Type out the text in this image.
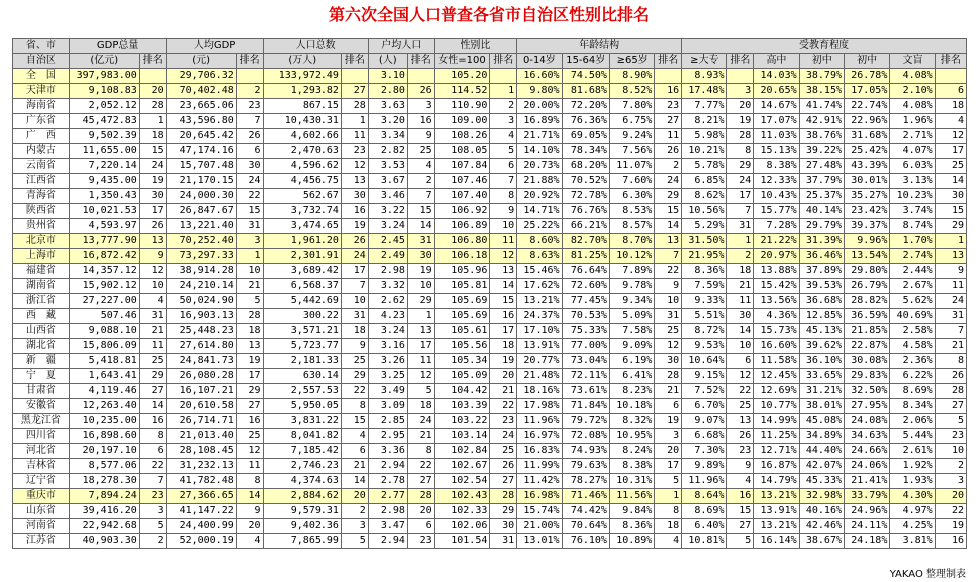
第六次全国人口普查各省市自治区性别比排名
省、市	GDP总量		人均GDP		人口总数		户均人口		性别比		年龄结构				受教育程度						
自治区	(亿元)	排名	(元)	排名	(万人)	排名	(人)	排名	女性=100	排名	0-14岁	15-64岁	≥65岁	排名	≥大专	排名	高中	初中	初中	文盲	排名
全　国	397,983.00		29,706.32		133,972.49		3.10		105.20		16.60%	74.50%	8.90%		8.93%		14.03%	38.79%	26.78%	4.08%	
天津市	9,108.83	20	70,402.48	2	1,293.82	27	2.80	26	114.52	1	9.80%	81.68%	8.52%	16	17.48%	3	20.65%	38.15%	17.05%	2.10%	6
海南省	2,052.12	28	23,665.06	23	867.15	28	3.63	3	110.90	2	20.00%	72.20%	7.80%	23	7.77%	20	14.67%	41.74%	22.74%	4.08%	18
广东省	45,472.83	1	43,596.80	7	10,430.31	1	3.20	16	109.00	3	16.89%	76.36%	6.75%	27	8.21%	19	17.07%	42.91%	22.96%	1.96%	4
广　西	9,502.39	18	20,645.42	26	4,602.66	11	3.34	9	108.26	4	21.71%	69.05%	9.24%	11	5.98%	28	11.03%	38.76%	31.68%	2.71%	12
内蒙古	11,655.00	15	47,174.16	6	2,470.63	23	2.82	25	108.05	5	14.10%	78.34%	7.56%	26	10.21%	8	15.13%	39.22%	25.42%	4.07%	17
云南省	7,220.14	24	15,707.48	30	4,596.62	12	3.53	4	107.84	6	20.73%	68.20%	11.07%	2	5.78%	29	8.38%	27.48%	43.39%	6.03%	25
江西省	9,435.00	19	21,170.15	24	4,456.75	13	3.67	2	107.46	7	21.88%	70.52%	7.60%	24	6.85%	24	12.33%	37.79%	30.01%	3.13%	14
青海省	1,350.43	30	24,000.30	22	562.67	30	3.46	7	107.40	8	20.92%	72.78%	6.30%	29	8.62%	17	10.43%	25.37%	35.27%	10.23%	30
陕西省	10,021.53	17	26,847.67	15	3,732.74	16	3.22	15	106.92	9	14.71%	76.76%	8.53%	15	10.56%	7	15.77%	40.14%	23.42%	3.74%	15
贵州省	4,593.97	26	13,221.40	31	3,474.65	19	3.24	14	106.89	10	25.22%	66.21%	8.57%	14	5.29%	31	7.28%	29.79%	39.37%	8.74%	29
北京市	13,777.90	13	70,252.40	3	1,961.20	26	2.45	31	106.80	11	8.60%	82.70%	8.70%	13	31.50%	1	21.22%	31.39%	9.96%	1.70%	1
上海市	16,872.42	9	73,297.33	1	2,301.91	24	2.49	30	106.18	12	8.63%	81.25%	10.12%	7	21.95%	2	20.97%	36.46%	13.54%	2.74%	13
福建省	14,357.12	12	38,914.28	10	3,689.42	17	2.98	19	105.96	13	15.46%	76.64%	7.89%	22	8.36%	18	13.88%	37.89%	29.80%	2.44%	9
湖南省	15,902.12	10	24,210.14	21	6,568.37	7	3.32	10	105.81	14	17.62%	72.60%	9.78%	9	7.59%	21	15.42%	39.53%	26.79%	2.67%	11
浙江省	27,227.00	4	50,024.90	5	5,442.69	10	2.62	29	105.69	15	13.21%	77.45%	9.34%	10	9.33%	11	13.56%	36.68%	28.82%	5.62%	24
西　藏	507.46	31	16,903.13	28	300.22	31	4.23	1	105.69	16	24.37%	70.53%	5.09%	31	5.51%	30	4.36%	12.85%	36.59%	40.69%	31
山西省	9,088.10	21	25,448.23	18	3,571.21	18	3.24	13	105.61	17	17.10%	75.33%	7.58%	25	8.72%	14	15.73%	45.13%	21.85%	2.58%	7
湖北省	15,806.09	11	27,614.80	13	5,723.77	9	3.16	17	105.56	18	13.91%	77.00%	9.09%	12	9.53%	10	16.60%	39.62%	22.87%	4.58%	21
新　疆	5,418.81	25	24,841.73	19	2,181.33	25	3.26	11	105.34	19	20.77%	73.04%	6.19%	30	10.64%	6	11.58%	36.10%	30.08%	2.36%	8
宁　夏	1,643.41	29	26,080.28	17	630.14	29	3.25	12	105.09	20	21.48%	72.11%	6.41%	28	9.15%	12	12.45%	33.65%	29.83%	6.22%	26
甘肃省	4,119.46	27	16,107.21	29	2,557.53	22	3.49	5	104.42	21	18.16%	73.61%	8.23%	21	7.52%	22	12.69%	31.21%	32.50%	8.69%	28
安徽省	12,263.40	14	20,610.58	27	5,950.05	8	3.09	18	103.39	22	17.98%	71.84%	10.18%	6	6.70%	25	10.77%	38.01%	27.95%	8.34%	27
黑龙江省	10,235.00	16	26,714.71	16	3,831.22	15	2.85	24	103.22	23	11.96%	79.72%	8.32%	19	9.07%	13	14.99%	45.08%	24.08%	2.06%	5
四川省	16,898.60	8	21,013.40	25	8,041.82	4	2.95	21	103.14	24	16.97%	72.08%	10.95%	3	6.68%	26	11.25%	34.89%	34.63%	5.44%	23
河北省	20,197.10	6	28,108.45	12	7,185.42	6	3.36	8	102.84	25	16.83%	74.93%	8.24%	20	7.30%	23	12.71%	44.40%	24.66%	2.61%	10
吉林省	8,577.06	22	31,232.13	11	2,746.23	21	2.94	22	102.67	26	11.99%	79.63%	8.38%	17	9.89%	9	16.87%	42.07%	24.06%	1.92%	2
辽宁省	18,278.30	7	41,782.48	8	4,374.63	14	2.78	27	102.54	27	11.42%	78.27%	10.31%	5	11.96%	4	14.79%	45.33%	21.41%	1.93%	3
重庆市	7,894.24	23	27,366.65	14	2,884.62	20	2.77	28	102.43	28	16.98%	71.46%	11.56%	1	8.64%	16	13.21%	32.98%	33.79%	4.30%	20
山东省	39,416.20	3	41,147.22	9	9,579.31	2	2.98	20	102.33	29	15.74%	74.42%	9.84%	8	8.69%	15	13.91%	40.16%	24.96%	4.97%	22
河南省	22,942.68	5	24,400.99	20	9,402.36	3	3.47	6	102.06	30	21.00%	70.64%	8.36%	18	6.40%	27	13.21%	42.46%	24.11%	4.25%	19
江苏省	40,903.30	2	52,000.19	4	7,865.99	5	2.94	23	101.54	31	13.01%	76.10%	10.89%	4	10.81%	5	16.14%	38.67%	24.18%	3.81%	16
YAKAO 整理制表
